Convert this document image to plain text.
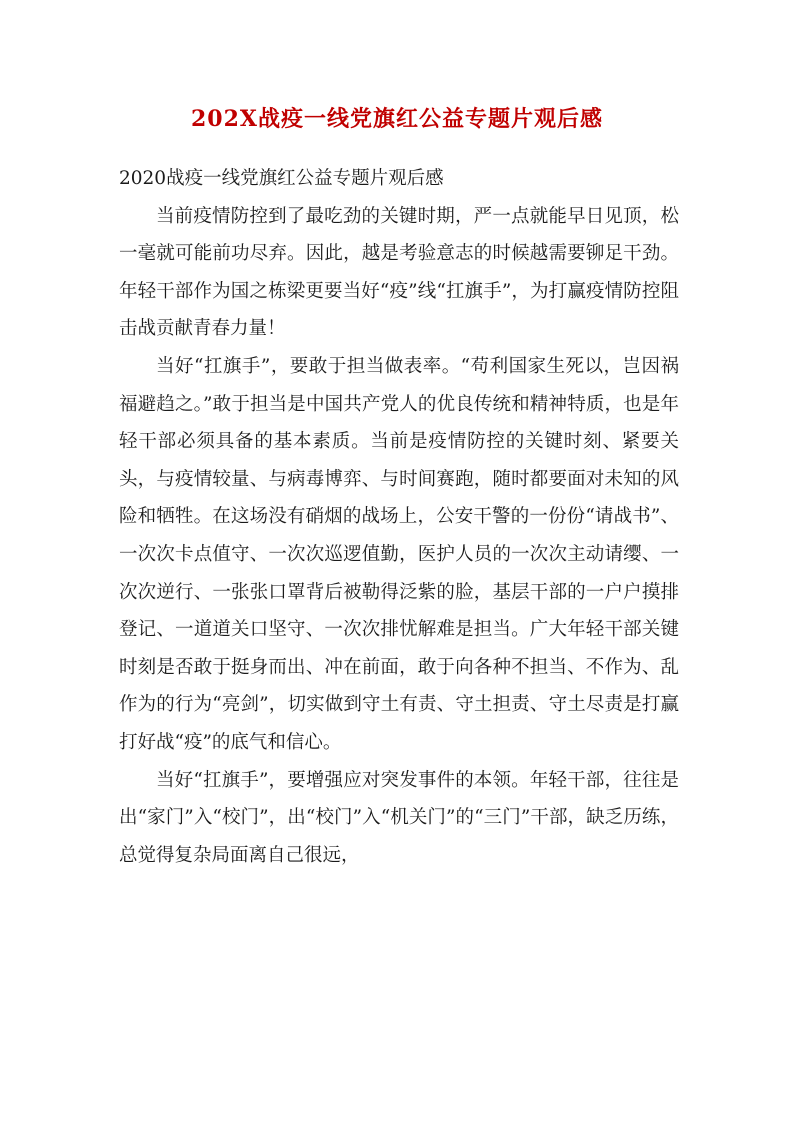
202X战疫一线党旗红公益专题片观后感

2020战疫一线党旗红公益专题片观后感

当前疫情防控到了最吃劲的关键时期，严一点就能早日见顶，松一毫就可能前功尽弃。因此，越是考验意志的时候越需要铆足干劲。年轻干部作为国之栋梁更要当好“疫”线“扛旗手”，为打赢疫情防控阻击战贡献青春力量！

当好“扛旗手”，要敢于担当做表率。“苟利国家生死以，岂因祸福避趋之。”敢于担当是中国共产党人的优良传统和精神特质，也是年轻干部必须具备的基本素质。当前是疫情防控的关键时刻、紧要关头，与疫情较量、与病毒博弈、与时间赛跑，随时都要面对未知的风险和牺牲。在这场没有硝烟的战场上，公安干警的一份份“请战书”、一次次卡点值守、一次次巡逻值勤，医护人员的一次次主动请缨、一次次逆行、一张张口罩背后被勒得泛紫的脸，基层干部的一户户摸排登记、一道道关口坚守、一次次排忧解难是担当。广大年轻干部关键时刻是否敢于挺身而出、冲在前面，敢于向各种不担当、不作为、乱作为的行为“亮剑”，切实做到守土有责、守土担责、守土尽责是打赢打好战“疫”的底气和信心。

当好“扛旗手”，要增强应对突发事件的本领。年轻干部，往往是出“家门”入“校门”，出“校门”入“机关门”的“三门”干部，缺乏历练，总觉得复杂局面离自己很远，
